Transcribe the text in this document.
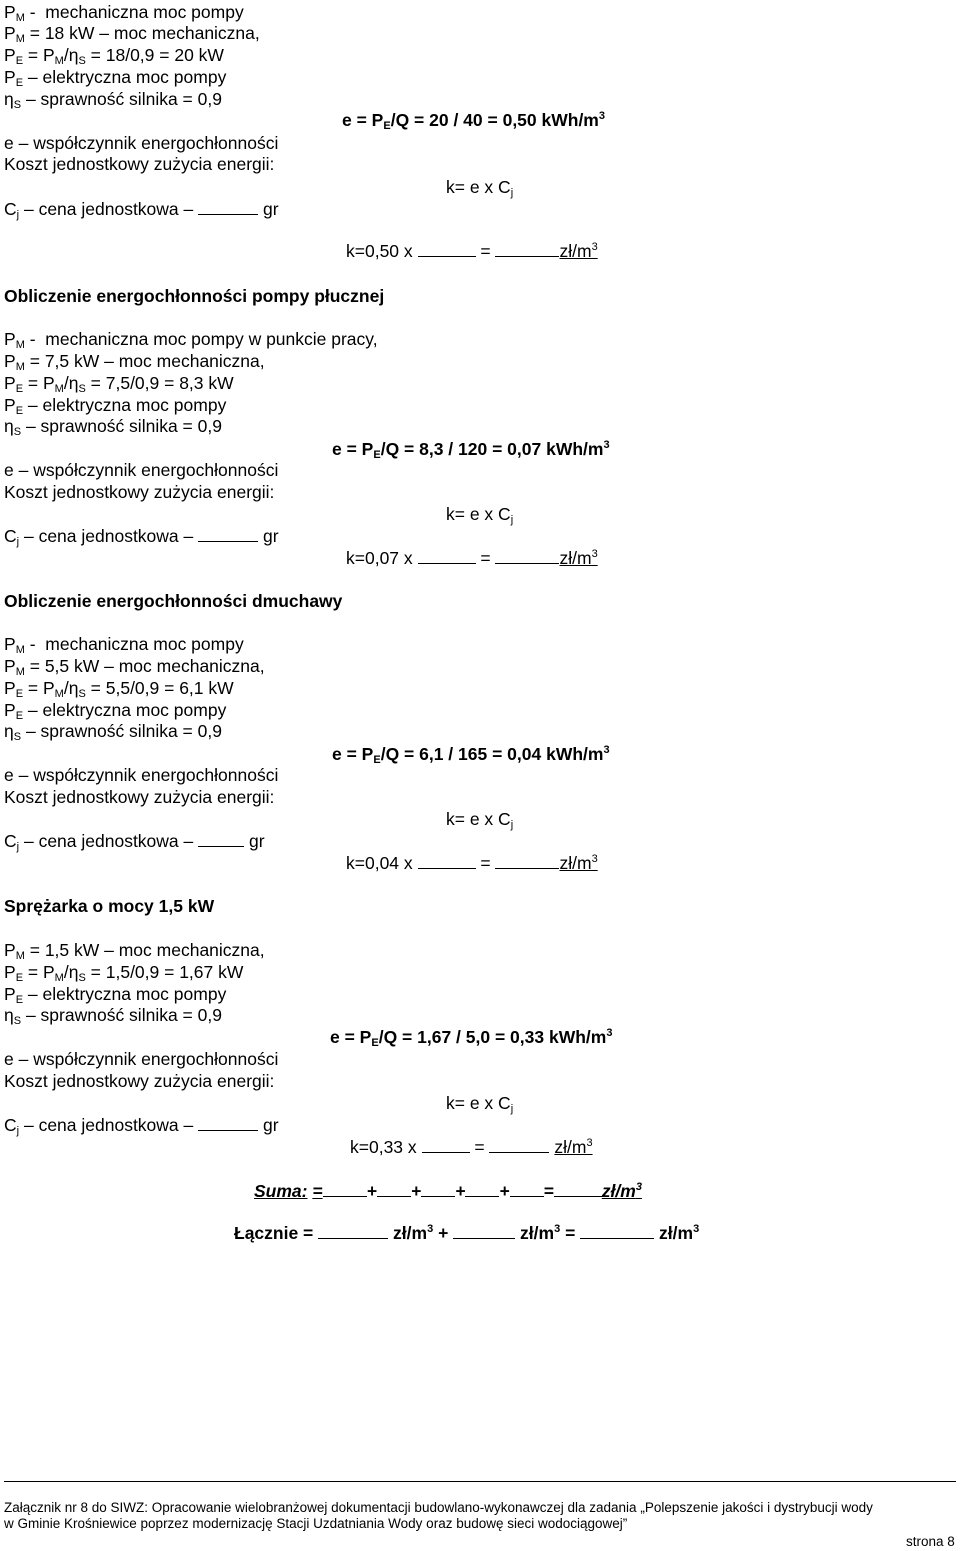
$P_M$ -  mechaniczna moc pompy
$P_M = 18$ kW – moc mechaniczna,
$P_E = P_M/\eta_S = 18/0,9 = 20$ kW
$P_E$ – elektryczna moc pompy
$\eta_S$ – sprawność silnika = 0,9
$e = P_E/Q = 20 / 40 = 0,50$ kWh/$m^3$
e – współczynnik energochłonności
Koszt jednostkowy zużycia energii:
k= e x $C_j$
$C_j$ – cena jednostkowa –	gr
k=0,50 x	=	$zł/m^3$
Obliczenie energochłonności pompy płucznej
$P_M$ -  mechaniczna moc pompy w punkcie pracy,
$P_M = 7,5$ kW – moc mechaniczna,
$P_E = P_M/\eta_S = 7,5/0,9 = 8,3$ kW
$P_E$ – elektryczna moc pompy
$\eta_S$ – sprawność silnika = 0,9
$e = P_E/Q = 8,3 / 120 = 0,07$ kWh/$m^3$
e – współczynnik energochłonności
Koszt jednostkowy zużycia energii:
k= e x $C_j$
$C_j$ – cena jednostkowa –	gr
k=0,07 x	=	$zł/m^3$
Obliczenie energochłonności dmuchawy
$P_M$ -  mechaniczna moc pompy
$P_M = 5,5$ kW – moc mechaniczna,
$P_E = P_M/\eta_S = 5,5/0,9 = 6,1$ kW
$P_E$ – elektryczna moc pompy
$\eta_S$ – sprawność silnika = 0,9
$e = P_E/Q = 6,1 / 165 = 0,04$ kWh/$m^3$
e – współczynnik energochłonności
Koszt jednostkowy zużycia energii:
k= e x $C_j$
$C_j$ – cena jednostkowa –	gr
k=0,04 x	=	$zł/m^3$
Sprężarka o mocy 1,5 kW
$P_M = 1,5$ kW – moc mechaniczna,
$P_E = P_M/\eta_S = 1,5/0,9 = 1,67$ kW
$P_E$ – elektryczna moc pompy
$\eta_S$ – sprawność silnika = 0,9
$e = P_E/Q = 1,67 / 5,0 = 0,33$ kWh/$m^3$
e – współczynnik energochłonności
Koszt jednostkowy zużycia energii:
k= e x $C_j$
$C_j$ – cena jednostkowa –	gr
k=0,33 x	=	$zł/m^3$
Suma: =	+ + + + =	$zł/m^3$
Łącznie =	$zł/m^3$ +	$zł/m^3$ =	$zł/m^3$
Załącznik nr 8 do SIWZ: Opracowanie wielobranżowej dokumentacji budowlano-wykonawczej dla zadania „Polepszenie jakości i dystrybucji wody
w Gminie Krośniewice poprzez modernizację Stacji Uzdatniania Wody oraz budowę sieci wodociągowej”
strona 8
